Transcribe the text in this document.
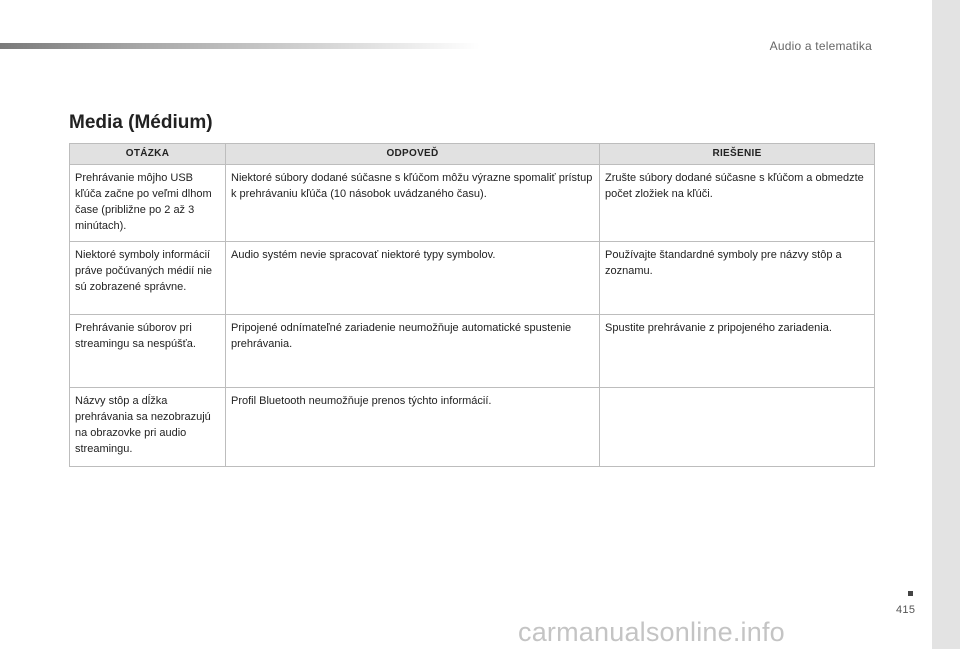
Audio a telematika
Media (Médium)
OTÁZKA	ODPOVEĎ	RIEŠENIE
Prehrávanie môjho USB kľúča začne po veľmi dlhom čase (približne po 2 až 3 minútach).	Niektoré súbory dodané súčasne s kľúčom môžu výrazne spomaliť prístup k prehrávaniu kľúča (10 násobok uvádzaného času).	Zrušte súbory dodané súčasne s kľúčom a obmedzte počet zložiek na kľúči.
Niektoré symboly informácií práve počúvaných médií nie sú zobrazené správne.	Audio systém nevie spracovať niektoré typy symbolov.	Používajte štandardné symboly pre názvy stôp a zoznamu.
Prehrávanie súborov pri streamingu sa nespúšťa.	Pripojené odnímateľné zariadenie neumožňuje automatické spustenie prehrávania.	Spustite prehrávanie z pripojeného zariadenia.
Názvy stôp a dĺžka prehrávania sa nezobrazujú na obrazovke pri audio streamingu.	Profil Bluetooth neumožňuje prenos týchto informácií.	
415
carmanualsonline.info
